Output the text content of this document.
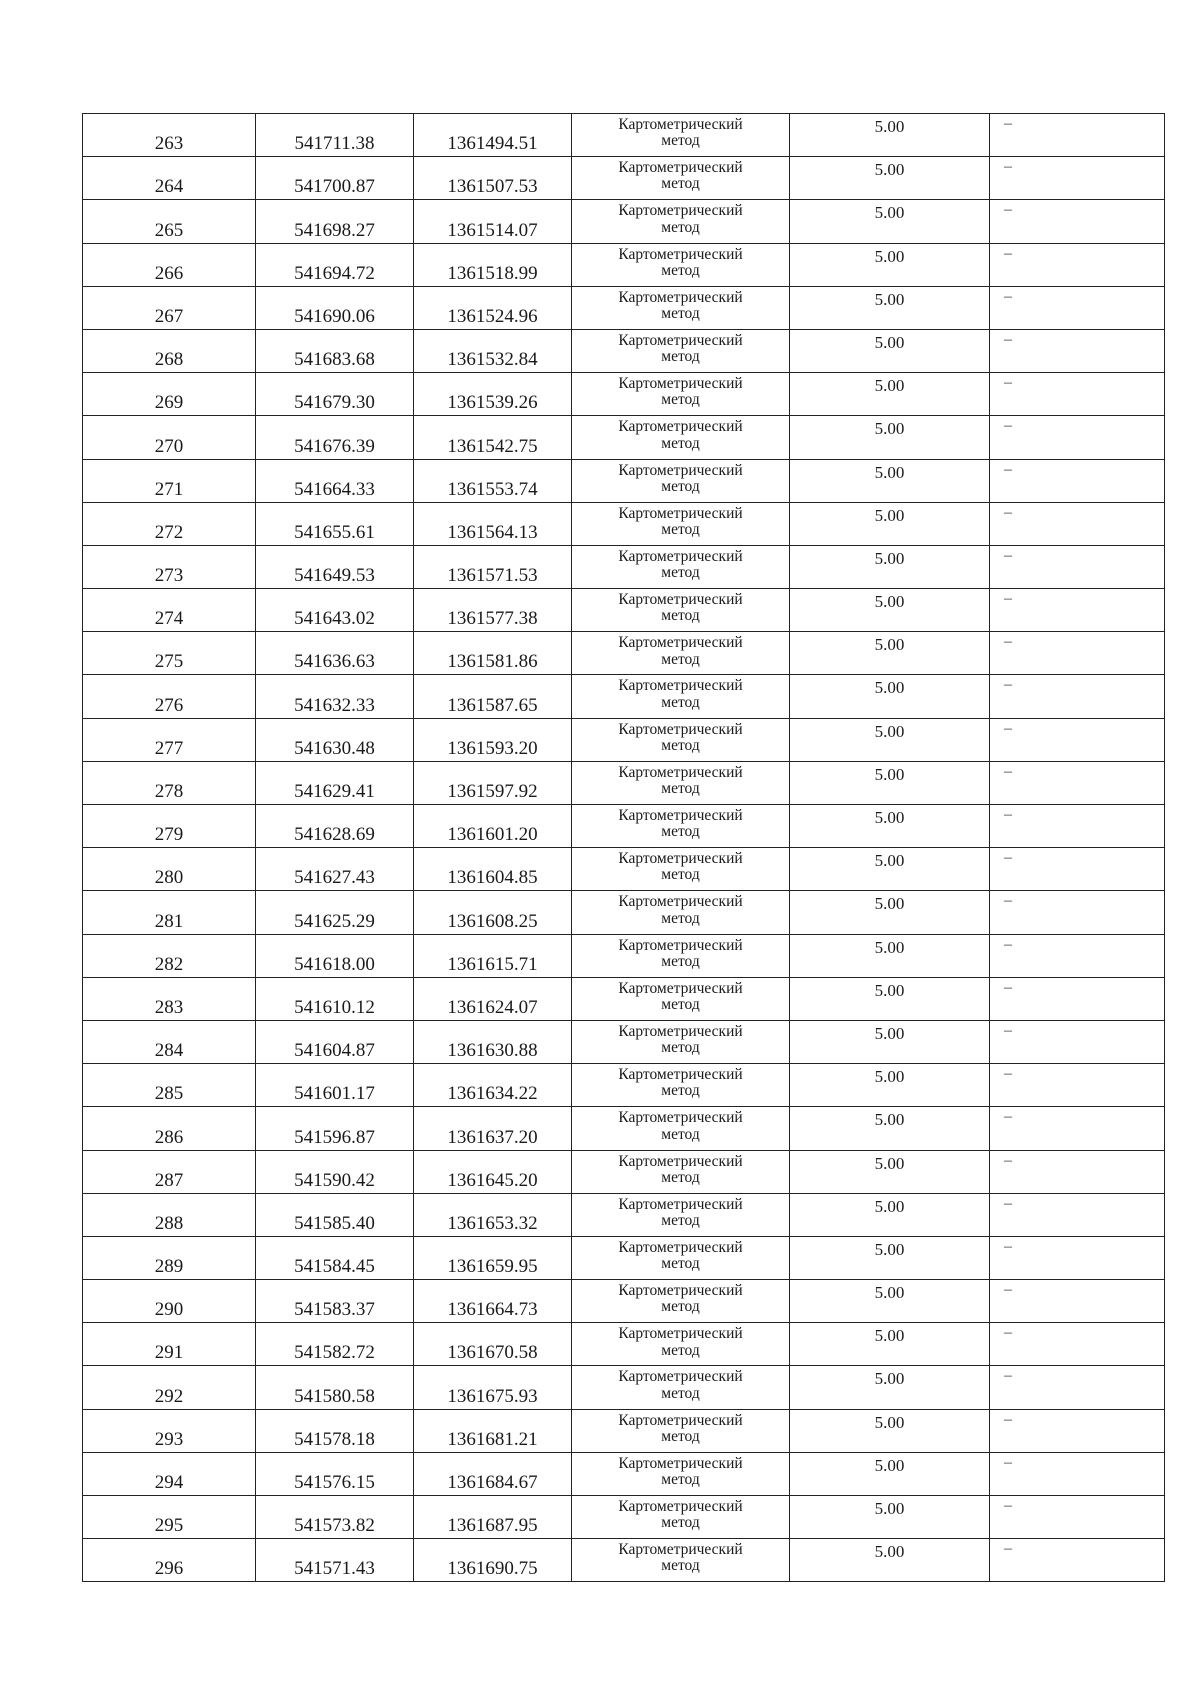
263	541711.38	1361494.51	Картометрический
метод	5.00	–

264	541700.87	1361507.53	Картометрический
метод	5.00	–

265	541698.27	1361514.07	Картометрический
метод	5.00	–

266	541694.72	1361518.99	Картометрический
метод	5.00	–

267	541690.06	1361524.96	Картометрический
метод	5.00	–

268	541683.68	1361532.84	Картометрический
метод	5.00	–

269	541679.30	1361539.26	Картометрический
метод	5.00	–

270	541676.39	1361542.75	Картометрический
метод	5.00	–

271	541664.33	1361553.74	Картометрический
метод	5.00	–

272	541655.61	1361564.13	Картометрический
метод	5.00	–

273	541649.53	1361571.53	Картометрический
метод	5.00	–

274	541643.02	1361577.38	Картометрический
метод	5.00	–

275	541636.63	1361581.86	Картометрический
метод	5.00	–

276	541632.33	1361587.65	Картометрический
метод	5.00	–

277	541630.48	1361593.20	Картометрический
метод	5.00	–

278	541629.41	1361597.92	Картометрический
метод	5.00	–

279	541628.69	1361601.20	Картометрический
метод	5.00	–

280	541627.43	1361604.85	Картометрический
метод	5.00	–

281	541625.29	1361608.25	Картометрический
метод	5.00	–

282	541618.00	1361615.71	Картометрический
метод	5.00	–

283	541610.12	1361624.07	Картометрический
метод	5.00	–

284	541604.87	1361630.88	Картометрический
метод	5.00	–

285	541601.17	1361634.22	Картометрический
метод	5.00	–

286	541596.87	1361637.20	Картометрический
метод	5.00	–

287	541590.42	1361645.20	Картометрический
метод	5.00	–

288	541585.40	1361653.32	Картометрический
метод	5.00	–

289	541584.45	1361659.95	Картометрический
метод	5.00	–

290	541583.37	1361664.73	Картометрический
метод	5.00	–

291	541582.72	1361670.58	Картометрический
метод	5.00	–

292	541580.58	1361675.93	Картометрический
метод	5.00	–

293	541578.18	1361681.21	Картометрический
метод	5.00	–

294	541576.15	1361684.67	Картометрический
метод	5.00	–

295	541573.82	1361687.95	Картометрический
метод	5.00	–

296	541571.43	1361690.75	Картометрический
метод	5.00	–
